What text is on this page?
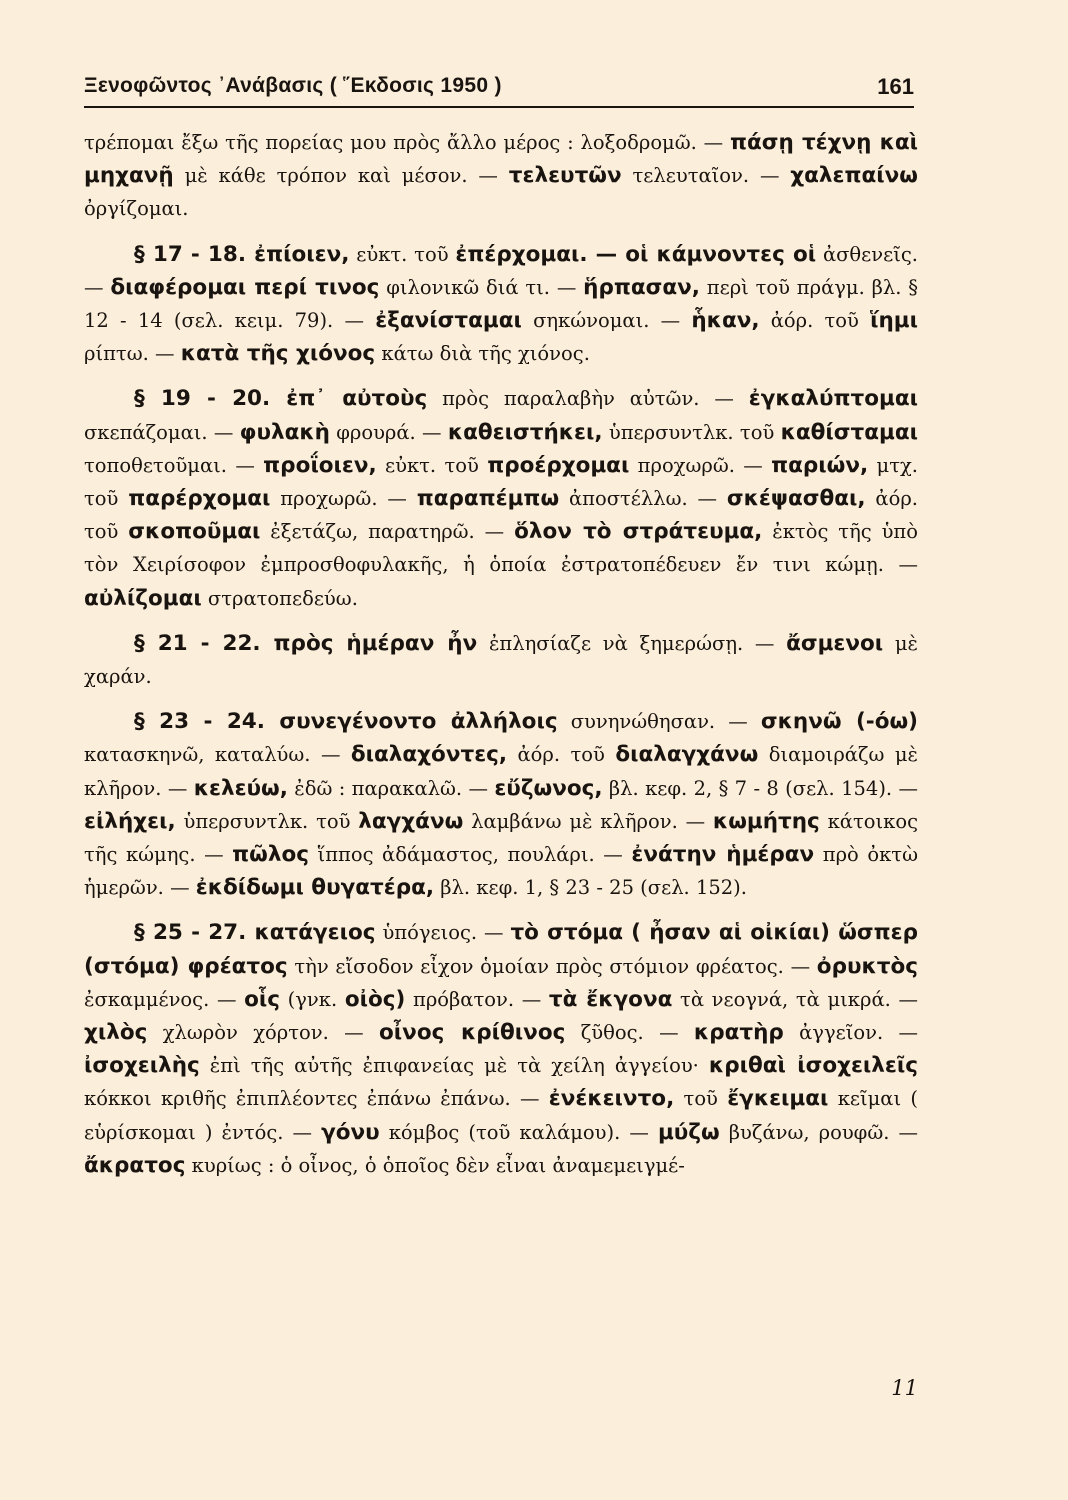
Ξενοφῶντος ᾿Ανάβασις ( ῞Εκδοσις 1950 )	161

τρέπομαι ἔξω τῆς πορείας μου πρὸς ἄλλο μέρος : λοξοδρομῶ. — πάσῃ τέχνῃ καὶ μηχανῇ μὲ κάθε τρόπον καὶ μέσον. — τελευτῶν τελευταῖον. — χαλεπαίνω ὀργίζομαι.

§ 17 - 18. ἐπίοιεν, εὐκτ. τοῦ ἐπέρχομαι. — οἱ κάμνοντες οἱ ἀσθενεῖς. — διαφέρομαι περί τινος φιλονικῶ διά τι. — ἥρπασαν, περὶ τοῦ πράγμ. βλ. § 12 - 14 (σελ. κειμ. 79). — ἐξανίσταμαι σηκώνομαι. — ἧκαν, ἀόρ. τοῦ ἵημι ρίπτω. — κατὰ τῆς χιόνος κάτω διὰ τῆς χιόνος.

§ 19 - 20. ἐπ᾿ αὐτοὺς πρὸς παραλαβὴν αὐτῶν. — ἐγκαλύπτομαι σκεπάζομαι. — φυλακὴ φρουρά. — καθειστήκει, ὑπερσυντλκ. τοῦ καθίσταμαι τοποθετοῦμαι. — προΐοιεν, εὐκτ. τοῦ προέρχομαι προχωρῶ. — παριών, μτχ. τοῦ παρέρχομαι προχωρῶ. — παραπέμπω ἀποστέλλω. — σκέψασθαι, ἀόρ. τοῦ σκοποῦμαι ἐξετάζω, παρατηρῶ. — ὅλον τὸ στράτευμα, ἐκτὸς τῆς ὑπὸ τὸν Χειρίσοφον ἐμπροσθοφυλακῆς, ἡ ὁποία ἐστρατοπέδευεν ἔν τινι κώμῃ. — αὐλίζομαι στρατοπεδεύω.

§ 21 - 22. πρὸς ἡμέραν ἦν ἐπλησίαζε νὰ ξημερώσῃ. — ἄσμενοι μὲ χαράν.

§ 23 - 24. συνεγένοντο ἀλλήλοις συνηνώθησαν. — σκηνῶ (-όω) κατασκηνῶ, καταλύω. — διαλαχόντες, ἀόρ. τοῦ διαλαγχάνω διαμοιράζω μὲ κλῆρον. — κελεύω, ἐδῶ : παρακαλῶ. — εὔζωνος, βλ. κεφ. 2, § 7 - 8 (σελ. 154). — εἰλήχει, ὑπερσυντλκ. τοῦ λαγχάνω λαμβάνω μὲ κλῆρον. — κωμήτης κάτοικος τῆς κώμης. — πῶλος ἵππος ἀδάμαστος, πουλάρι. — ἐνάτην ἡμέραν πρὸ ὀκτὼ ἡμερῶν. — ἐκδίδωμι θυγατέρα, βλ. κεφ. 1, § 23 - 25 (σελ. 152).

§ 25 - 27. κατάγειος ὑπόγειος. — τὸ στόμα ( ἦσαν αἱ οἰκίαι) ὥσπερ (στόμα) φρέατος τὴν εἴσοδον εἶχον ὁμοίαν πρὸς στόμιον φρέατος. — ὀρυκτὸς ἐσκαμμένος. — οἷς (γνκ. οἰὸς) πρόβατον. — τὰ ἔκγονα τὰ νεογνά, τὰ μικρά. — χιλὸς χλωρὸν χόρτον. — οἶνος κρίθινος ζῦθος. — κρατὴρ ἀγγεῖον. — ἰσοχειλὴς ἐπὶ τῆς αὐτῆς ἐπιφανείας μὲ τὰ χείλη ἀγγείου· κριθαὶ ἰσοχειλεῖς κόκκοι κριθῆς ἐπιπλέοντες ἐπάνω ἐπάνω. — ἐνέκειντο, τοῦ ἔγκειμαι κεῖμαι ( εὑρίσκομαι ) ἐντός. — γόνυ κόμβος (τοῦ καλάμου). — μύζω βυζάνω, ρουφῶ. — ἄκρατος κυρίως : ὁ οἶνος, ὁ ὁποῖος δὲν εἶναι ἀναμεμειγμέ-

11
